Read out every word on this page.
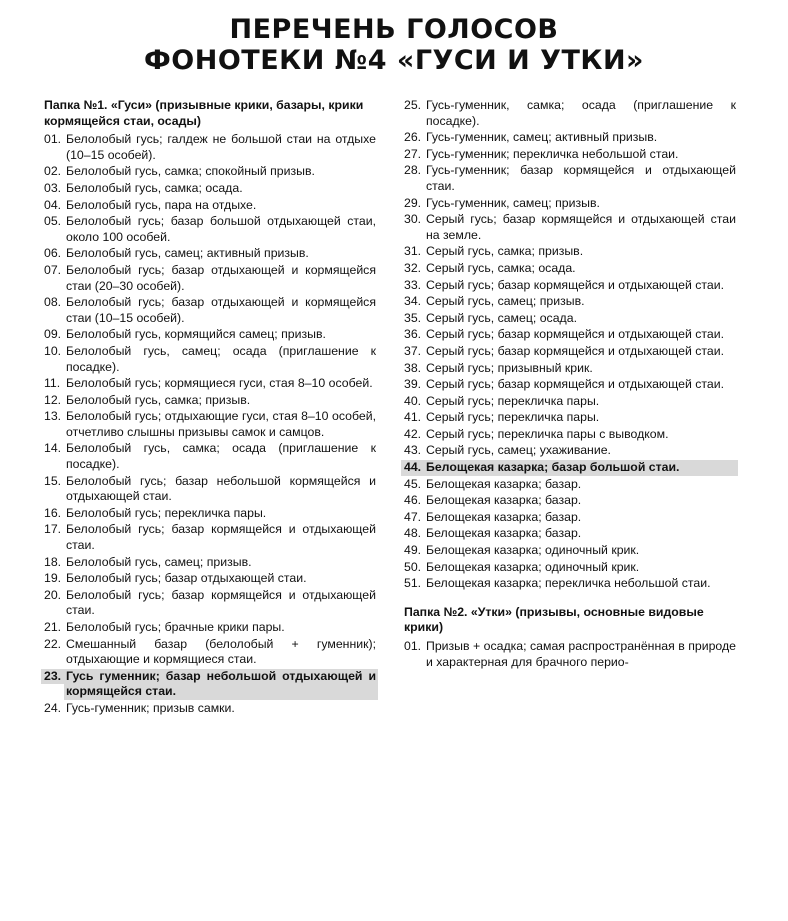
ПЕРЕЧЕНЬ ГОЛОСОВ
ФОНОТЕКИ №4 «ГУСИ И УТКИ»
Папка №1. «Гуси» (призывные крики, базары, крики кормящейся стаи, осады)
01. Белолобый гусь; галдеж не большой стаи на отдыхе (10–15 особей).
02. Белолобый гусь, самка; спокойный призыв.
03. Белолобый гусь, самка; осада.
04. Белолобый гусь, пара на отдыхе.
05. Белолобый гусь; базар большой отдыхающей стаи, около 100 особей.
06. Белолобый гусь, самец; активный призыв.
07. Белолобый гусь; базар отдыхающей и кормящейся стаи (20–30 особей).
08. Белолобый гусь; базар отдыхающей и кормящейся стаи (10–15 особей).
09. Белолобый гусь, кормящийся самец; призыв.
10. Белолобый гусь, самец; осада (приглашение к посадке).
11. Белолобый гусь; кормящиеся гуси, стая 8–10 особей.
12. Белолобый гусь, самка; призыв.
13. Белолобый гусь; отдыхающие гуси, стая 8–10 особей, отчетливо слышны призывы самок и самцов.
14. Белолобый гусь, самка; осада (приглашение к посадке).
15. Белолобый гусь; базар небольшой кормящейся и отдыхающей стаи.
16. Белолобый гусь; перекличка пары.
17. Белолобый гусь; базар кормящейся и отдыхающей стаи.
18. Белолобый гусь, самец; призыв.
19. Белолобый гусь; базар отдыхающей стаи.
20. Белолобый гусь; базар кормящейся и отдыхающей стаи.
21. Белолобый гусь; брачные крики пары.
22. Смешанный базар (белолобый + гуменник); отдыхающие и кормящиеся стаи.
23. Гусь гуменник; базар небольшой отдыхающей и кормящейся стаи.
24. Гусь-гуменник; призыв самки.
25. Гусь-гуменник, самка; осада (приглашение к посадке).
26. Гусь-гуменник, самец; активный призыв.
27. Гусь-гуменник; перекличка небольшой стаи.
28. Гусь-гуменник; базар кормящейся и отдыхающей стаи.
29. Гусь-гуменник, самец; призыв.
30. Серый гусь; базар кормящейся и отдыхающей стаи на земле.
31. Серый гусь, самка; призыв.
32. Серый гусь, самка; осада.
33. Серый гусь; базар кормящейся и отдыхающей стаи.
34. Серый гусь, самец; призыв.
35. Серый гусь, самец; осада.
36. Серый гусь; базар кормящейся и отдыхающей стаи.
37. Серый гусь; базар кормящейся и отдыхающей стаи.
38. Серый гусь; призывный крик.
39. Серый гусь; базар кормящейся и отдыхающей стаи.
40. Серый гусь; перекличка пары.
41. Серый гусь; перекличка пары.
42. Серый гусь; перекличка пары с выводком.
43. Серый гусь, самец; ухаживание.
44. Белощекая казарка; базар большой стаи.
45. Белощекая казарка; базар.
46. Белощекая казарка; базар.
47. Белощекая казарка; базар.
48. Белощекая казарка; базар.
49. Белощекая казарка; одиночный крик.
50. Белощекая казарка; одиночный крик.
51. Белощекая казарка; перекличка небольшой стаи.
Папка №2. «Утки» (призывы, основные видовые крики)
01. Призыв + осадка; самая распространённая в природе и характерная для брачного перио-
